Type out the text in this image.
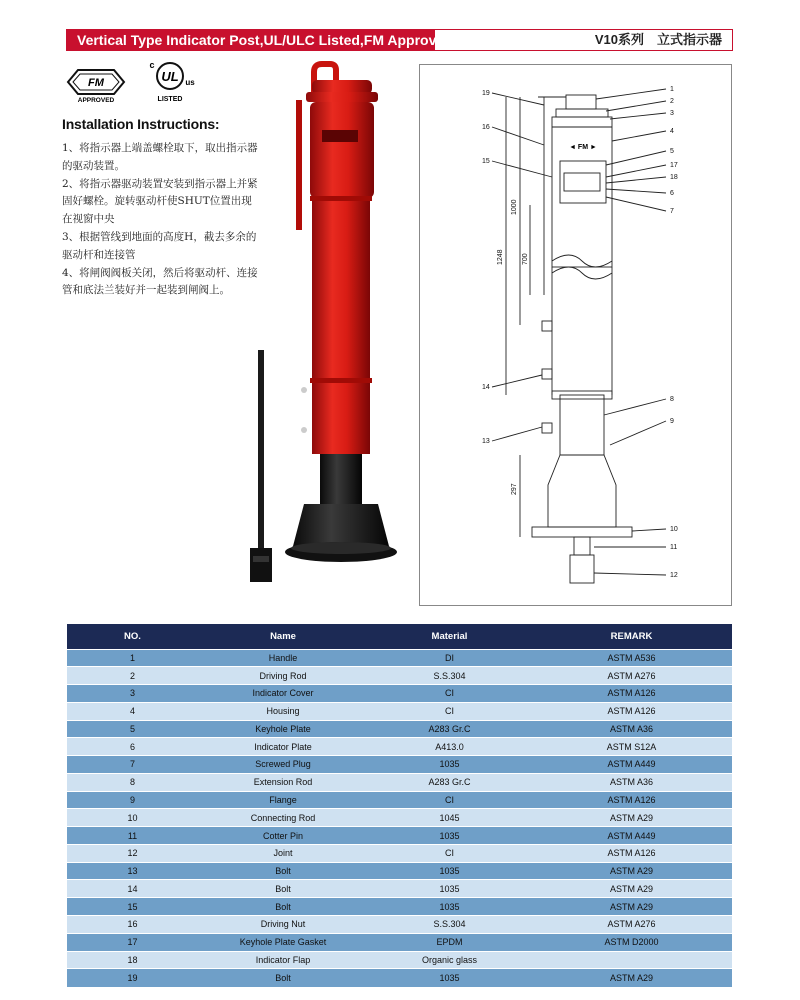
Vertical Type Indicator Post,UL/ULC Listed,FM Approved	V10系列　立式指示器
FM
APPROVED
UL
c
us
LISTED
Installation Instructions:
1、将指示器上端盖螺栓取下，取出指示器的驱动装置。
2、将指示器驱动装置安装到指示器上并紧固好螺栓。旋转驱动杆使SHUT位置出现在视窗中央
3、根据管线到地面的高度H，截去多余的驱动杆和连接管
4、将闸阀阀板关闭，然后将驱动杆、连接管和底法兰装好并一起装到闸阀上。
◄ FM ►
1000
1248	700
297
1
2
3
4
5
17
18
6
7
8
9
10
11
12
19
16
15
14
13
NO.	Name	Material	REMARK
1	Handle	DI	ASTM A536
2	Driving Rod	S.S.304	ASTM A276
3	Indicator Cover	CI	ASTM A126
4	Housing	CI	ASTM A126
5	Keyhole Plate	A283 Gr.C	ASTM A36
6	Indicator Plate	A413.0	ASTM S12A
7	Screwed Plug	1035	ASTM A449
8	Extension Rod	A283 Gr.C	ASTM A36
9	Flange	CI	ASTM A126
10	Connecting Rod	1045	ASTM A29
11	Cotter Pin	1035	ASTM A449
12	Joint	CI	ASTM A126
13	Bolt	1035	ASTM A29
14	Bolt	1035	ASTM A29
15	Bolt	1035	ASTM A29
16	Driving Nut	S.S.304	ASTM A276
17	Keyhole Plate Gasket	EPDM	ASTM D2000
18	Indicator Flap	Organic glass	
19	Bolt	1035	ASTM A29
